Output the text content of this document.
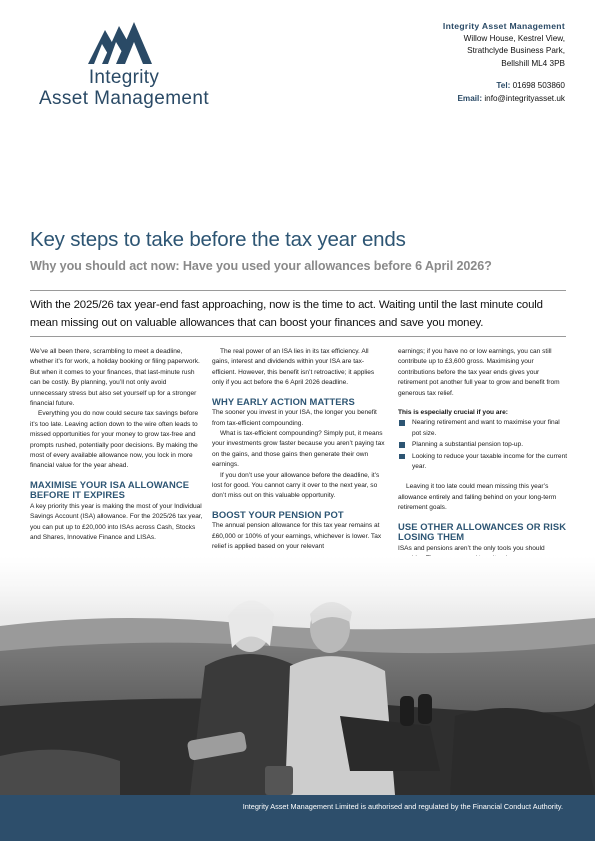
Integrity
Asset Management
Integrity Asset Management
Willow House, Kestrel View,
Strathclyde Business Park,
Bellshill ML4 3PB
Tel: 01698 503860
Email: info@integrityasset.uk
Key steps to take before the tax year ends
Why you should act now: Have you used your allowances before 6 April 2026?

With the 2025/26 tax year-end fast approaching, now is the time to act. Waiting until the last minute could mean missing out on valuable allowances that can boost your finances and save you money.

We’ve all been there, scrambling to meet a deadline, whether it’s for work, a holiday booking or filing paperwork. But when it comes to your finances, that last-minute rush can be costly. By planning, you’ll not only avoid unnecessary stress but also set yourself up for a stronger financial future.

Everything you do now could secure tax savings before it’s too late. Leaving action down to the wire often leads to missed opportunities for your money to grow tax-free and prompts rushed, potentially poor decisions. By making the most of every available allowance now, you lock in more financial value for the year ahead.

MAXIMISE YOUR ISA ALLOWANCE BEFORE IT EXPIRES

A key priority this year is making the most of your Individual Savings Account (ISA) allowance. For the 2025/26 tax year, you can put up to £20,000 into ISAs across Cash, Stocks and Shares, Innovative Finance and LISAs.

The real power of an ISA lies in its tax efficiency. All gains, interest and dividends within your ISA are tax-efficient. However, this benefit isn’t retroactive; it applies only if you act before the 6 April 2026 deadline.

WHY EARLY ACTION MATTERS

The sooner you invest in your ISA, the longer you benefit from tax-efficient compounding.

What is tax-efficient compounding? Simply put, it means your investments grow faster because you aren’t paying tax on the gains, and those gains then generate their own earnings.

If you don’t use your allowance before the deadline, it’s lost for good. You cannot carry it over to the next year, so don’t miss out on this valuable opportunity.

BOOST YOUR PENSION POT

The annual pension allowance for this tax year remains at £60,000 or 100% of your earnings, whichever is lower. Tax relief is applied based on your relevant

earnings; if you have no or low earnings, you can still contribute up to £3,600 gross. Maximising your contributions before the tax year ends gives your retirement pot another full year to grow and benefit from generous tax relief.

This is especially crucial if you are:

Nearing retirement and want to maximise your final pot size.
Planning a substantial pension top-up.
Looking to reduce your taxable income for the current year.

Leaving it too late could mean missing this year’s allowance entirely and falling behind on your long-term retirement goals.

USE OTHER ALLOWANCES OR RISK LOSING THEM

ISAs and pensions aren’t the only tools you should

Integrity Asset Management Limited is authorised and regulated by the Financial Conduct Authority.
